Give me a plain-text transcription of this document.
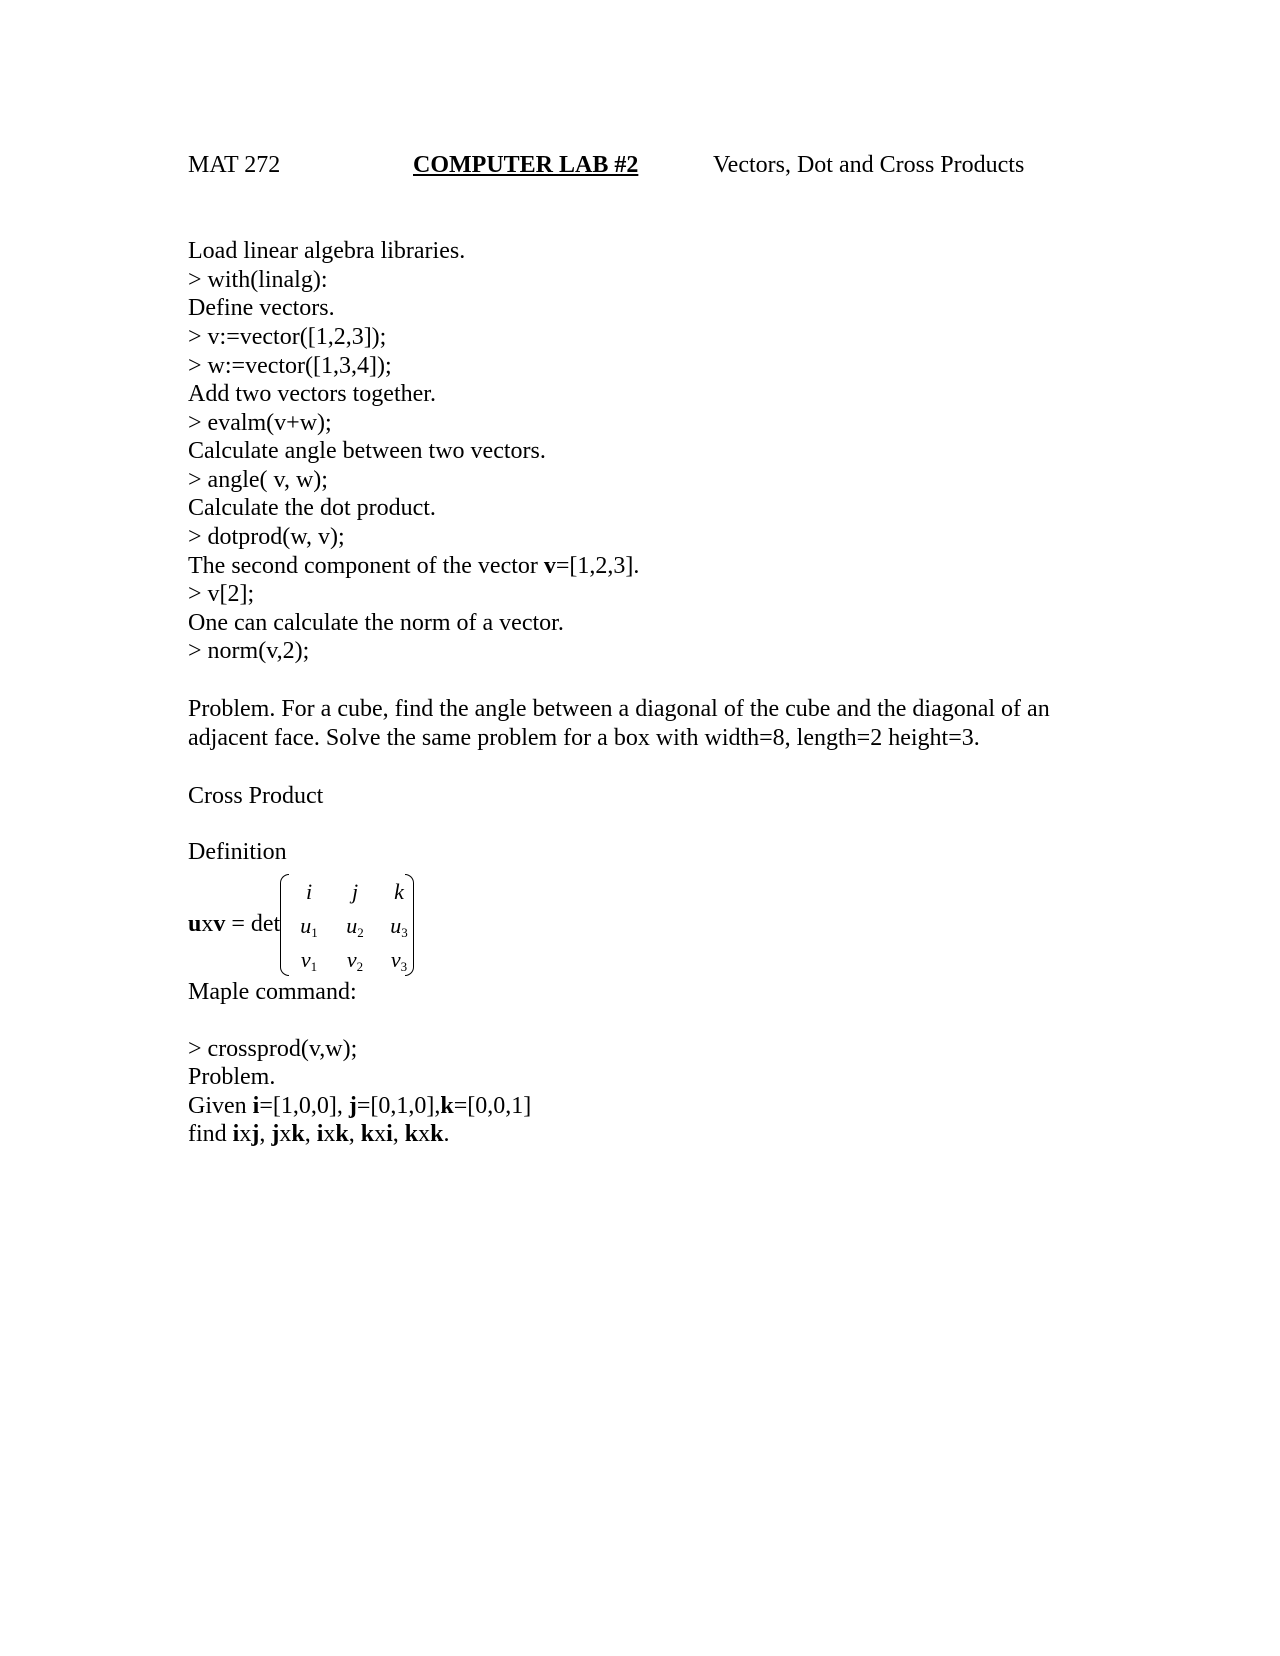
MAT 272	COMPUTER LAB #2	Vectors, Dot and Cross Products
Load linear algebra libraries.
> with(linalg):
Define vectors.
> v:=vector([1,2,3]);
> w:=vector([1,3,4]);
Add two vectors together.
> evalm(v+w);
Calculate angle between two vectors.
> angle( v, w);
Calculate the dot product.
> dotprod(w, v);
The second component of the vector v=[1,2,3].
> v[2];
One can calculate the norm of a vector.
> norm(v,2);
Problem. For a cube, find the angle between a diagonal of the cube and the diagonal of an
adjacent face. Solve the same problem for a box with width=8, length=2 height=3.
Cross Product
Definition
uxv = det
i	j	k
$u_1$ $u_2$ $u_3$
$v_1$	$v_2$	$v_3$
Maple command:
> crossprod(v,w);
Problem.
Given i=[1,0,0], j=[0,1,0],k=[0,0,1]
find ixj, jxk, ixk, kxi, kxk.
